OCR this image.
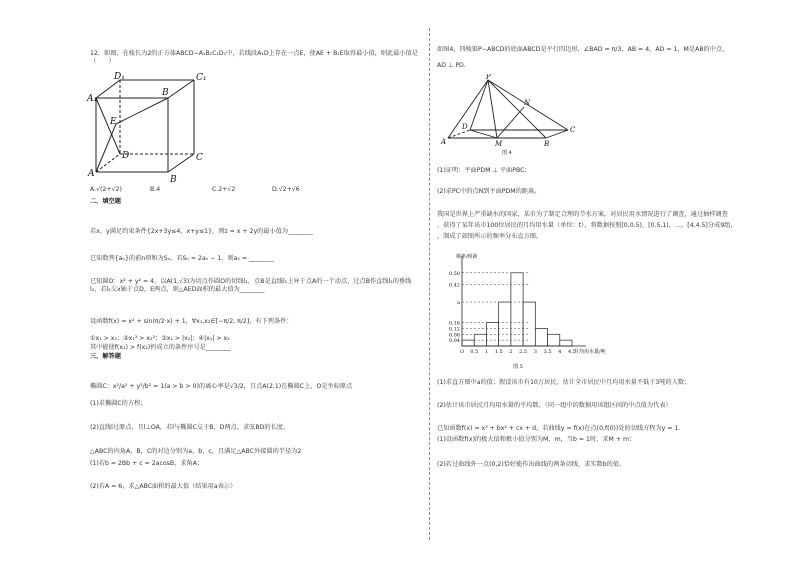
12．如图，在棱长为2的正方体ABCD−A₁B₁C₁D₁中，若线段A₁D上存在一点E，使AE + B₁E取得最小值，则此最小值是（　　）
D₁	C₁
A₁
B
E
D	C
A
B
A.√(2+√2)	B.4	C.2+√2	D.√2+√6
二、填空题
若x，y满足约束条件{2x+3y≤4，x+y≤1}，则z = x + 2y的最小值为________
已知数列{aₙ}的前n项和为Sₙ，若Sₙ = 2aₙ − 1，则a₅ = ________
已知圆O：x² + y² = 4，以A(1,√3)为切点作圆O的切线l₁，点B是直线l₁上异于点A的一个动点，过点B作直线l₁的垂线l₂，若l₂交x轴于点D，E两点，则△AED面积的最大值为________
设函数f(x) = x² + sin(π/2·x) + 1，∀x₁,x₂∈[−π/2, π/2]，有下列条件：
①x₁ > x₂；②x₁² > x₂²；③x₁ > |x₂|；④|x₁| > x₂
其中能使f(x₁) > f(x₂)恒成立的条件序号是________
三、解答题
椭圆C：x²/a² + y²/b² = 1(a > b > 0)的离心率是√3/2，且点A(2,1)在椭圆C上，O是坐标原点
(1)求椭圆C的方程；
(2)直线l过原点，且l⊥OA，若l与椭圆C交于B，D两点，求弦BD的长度。
△ABC的内角A，B，C的对边分别为a，b，c，且满足△ABC外接圆的半径为2
(1)若b = 2Bb + c = 2acosB，求角A；
(2)若A = 6，求△ABC面积的最大值（结果用a表示）
如图4，四棱锥P−ABCD的底面ABCD是平行四边形，∠BAD = π/3，AB = 4，AD = 1，M是AB的中点，
AD ⊥ PD.
P
N
D	C
A	M	B
图 4
(1)证明：平面PDM ⊥ 平面PBC；
(2)求PC中的点N到平面PDM的距离。
我国是世界上严重缺水的国家，某市为了制定合理的节水方案，对居民用水情况进行了调查，通过抽样调查
，获得了某年该市100位居民的月均用水量（单位：t），将数据按照[0,0.5)，[0.5,1)，…，[4,4.5]分成9组，
，制成了如图所示的频率分布直方图。
0.50
0.42
a
0.16
0.12
0.08
0.04
O 0.5 1 1.5 2 2.5 3 3.5 4 4.5
频率/组距
月均用水量/吨
图 5
(1)求直方图中a的值；假设该市有10万居民，估计全市居民中月均用水量不低于3吨的人数；
(2)估计该市居民月均用水量的平均数。（同一组中的数据用该组区间的中点值为代表）
已知函数f(x) = x³ + bx² + cx + d，若曲线y = f(x)在点(0,f(0))处的切线方程为y = 1.
(1)设函数f(x)的极大值和极小值分别为M，m，当b = 1时，求M + m；
(2)若过曲线外一点(0,2)恰好能作出曲线的两条切线，求实数b的值。
